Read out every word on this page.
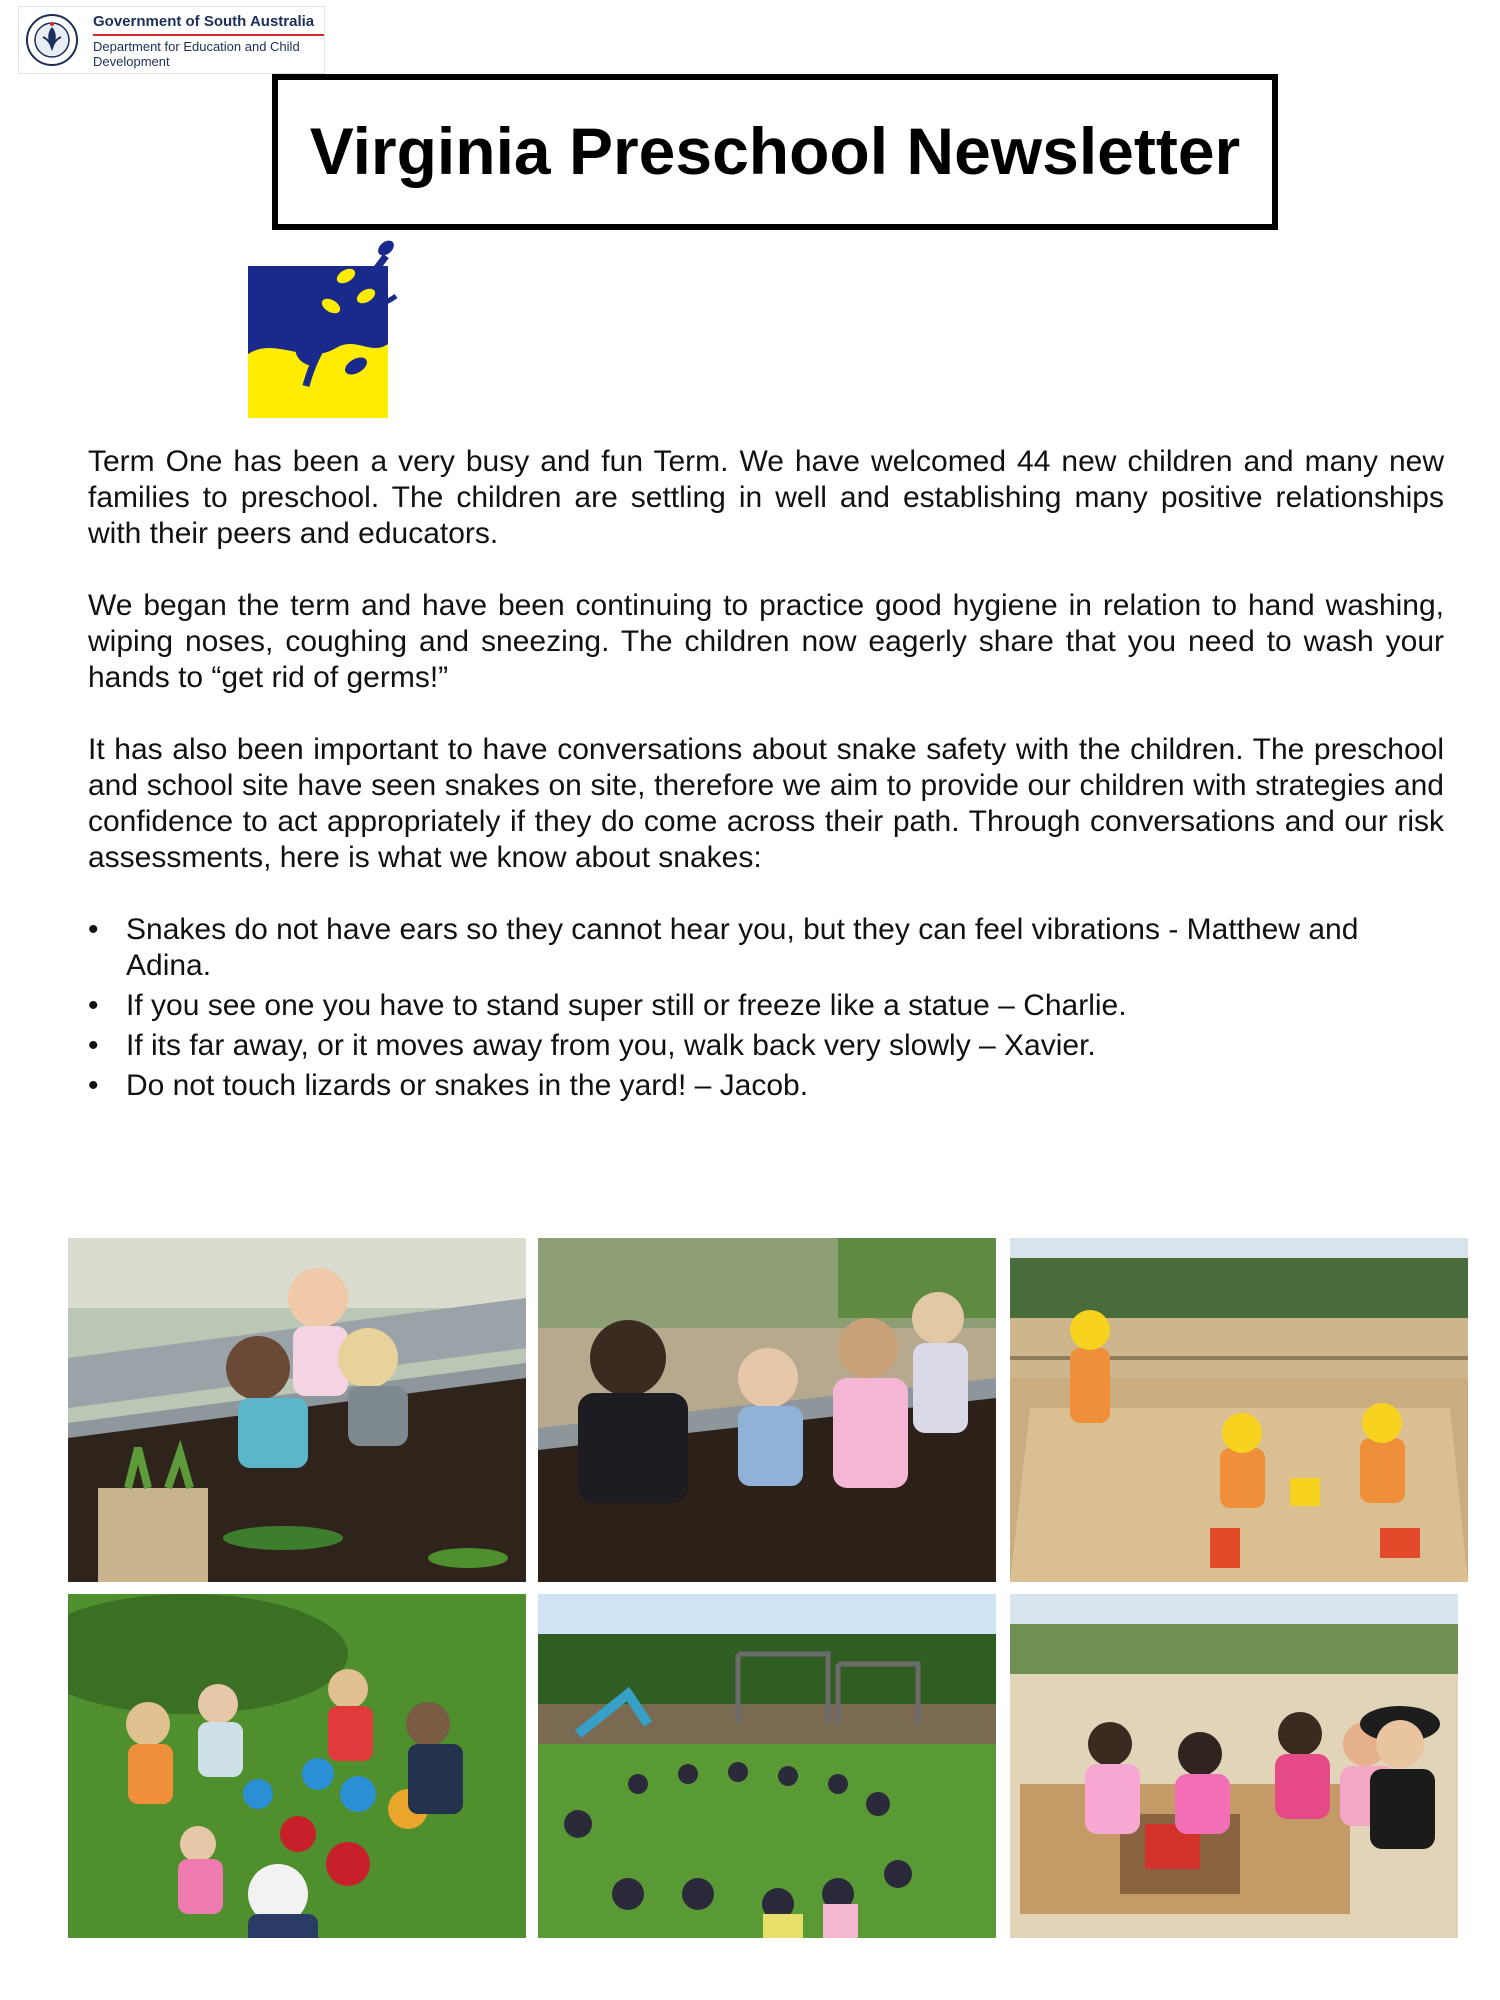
Government of South Australia
Department for Education and Child Development
Virginia Preschool Newsletter

Term One has been a very busy and fun Term. We have welcomed 44 new children and many new families to preschool. The children are settling in well and establishing many positive relationships with their peers and educators.

We began the term and have been continuing to practice good hygiene in relation to hand washing, wiping noses, coughing and sneezing. The children now eagerly share that you need to wash your hands to “get rid of germs!”

It has also been important to have conversations about snake safety with the children. The preschool and school site have seen snakes on site, therefore we aim to provide our children with strategies and confidence to act appropriately if they do come across their path. Through conversations and our risk assessments, here is what we know about snakes:

• Snakes do not have ears so they cannot hear you, but they can feel vibrations - Matthew and Adina.
• If you see one you have to stand super still or freeze like a statue – Charlie.
• If its far away, or it moves away from you, walk back very slowly – Xavier.
• Do not touch lizards or snakes in the yard! – Jacob.
